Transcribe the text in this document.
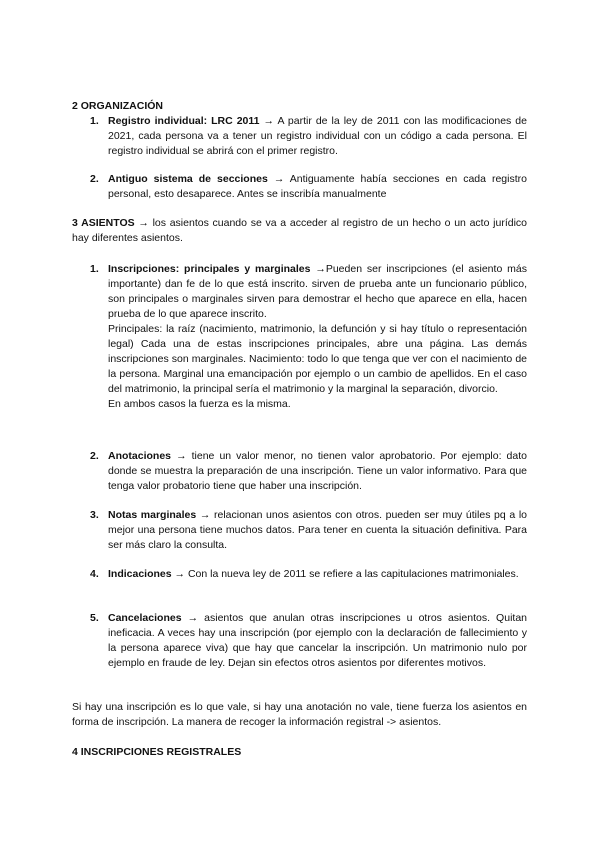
2 ORGANIZACIÓN
1. Registro individual: LRC 2011 → A partir de la ley de 2011 con las modificaciones de 2021, cada persona va a tener un registro individual con un código a cada persona. El registro individual se abrirá con el primer registro.
2. Antiguo sistema de secciones → Antiguamente había secciones en cada registro personal, esto desaparece. Antes se inscribía manualmente
3 ASIENTOS → los asientos cuando se va a acceder al registro de un hecho o un acto jurídico hay diferentes asientos.
1. Inscripciones: principales y marginales →Pueden ser inscripciones (el asiento más importante) dan fe de lo que está inscrito. sirven de prueba ante un funcionario público, son principales o marginales sirven para demostrar el hecho que aparece en ella, hacen prueba de lo que aparece inscrito.

Principales: la raíz (nacimiento, matrimonio, la defunción y si hay título o representación legal) Cada una de estas inscripciones principales, abre una página. Las demás inscripciones son marginales. Nacimiento: todo lo que tenga que ver con el nacimiento de la persona. Marginal una emancipación por ejemplo o un cambio de apellidos. En el caso del matrimonio, la principal sería el matrimonio y la marginal la separación, divorcio.

En ambos casos la fuerza es la misma.

2. Anotaciones → tiene un valor menor, no tienen valor aprobatorio. Por ejemplo: dato donde se muestra la preparación de una inscripción. Tiene un valor informativo. Para que tenga valor probatorio tiene que haber una inscripción.
3. Notas marginales → relacionan unos asientos con otros. pueden ser muy útiles pq a lo mejor una persona tiene muchos datos. Para tener en cuenta la situación definitiva. Para ser más claro la consulta.
4. Indicaciones → Con la nueva ley de 2011 se refiere a las capitulaciones matrimoniales.
5. Cancelaciones → asientos que anulan otras inscripciones u otros asientos. Quitan ineficacia. A veces hay una inscripción (por ejemplo con la declaración de fallecimiento y la persona aparece viva) que hay que cancelar la inscripción. Un matrimonio nulo por ejemplo en fraude de ley. Dejan sin efectos otros asientos por diferentes motivos.
Si hay una inscripción es lo que vale, si hay una anotación no vale, tiene fuerza los asientos en forma de inscripción. La manera de recoger la información registral -> asientos.
4 INSCRIPCIONES REGISTRALES
